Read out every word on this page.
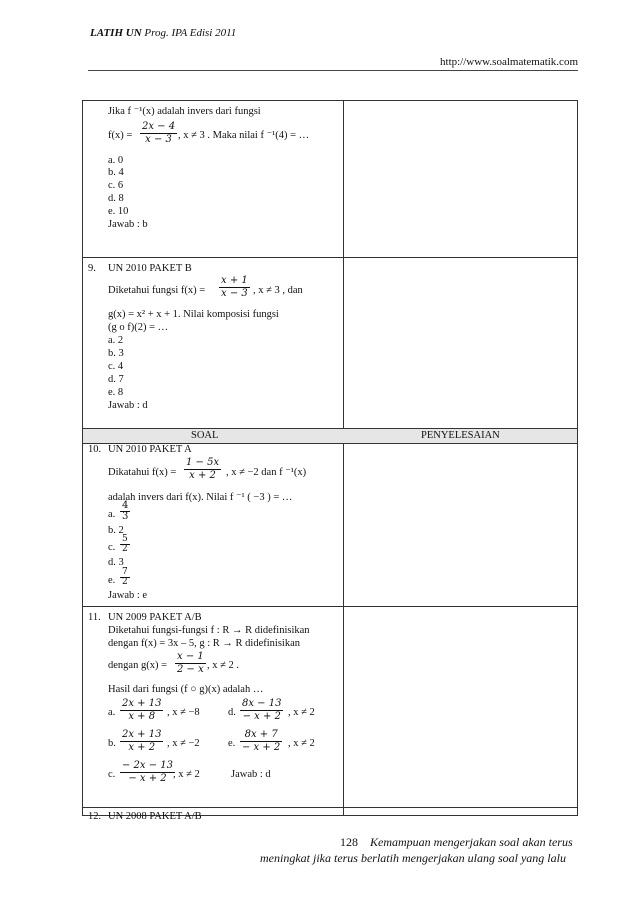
LATIH UN Prog. IPA Edisi 2011
http://www.soalmatematik.com
SOAL	PENYELESAIAN
Jika f ⁻¹(x) adalah invers dari fungsi
$f(x) = \frac{2x - 4}{x - 3}$ , x ≠ 3 . Maka nilai f ⁻¹(4) = …
a. 0
b. 4
c. 6
d. 8
e. 10
Jawab : b
9. UN 2010 PAKET B
Diketahui fungsi $f(x) = \frac{x + 1}{x - 3}$ , x ≠ 3 , dan
g(x) = x² + x + 1. Nilai komposisi fungsi
(g o f)(2) = …
a. 2
b. 3
c. 4
d. 7
e. 8
Jawab : d
10. UN 2010 PAKET A
Dikatahui $f(x) = \frac{1 - 5x}{x + 2}$ , x ≠ −2 dan f ⁻¹(x)
adalah invers dari f(x). Nilai f ⁻¹ ( −3 ) = …
a. $\frac{4}{3}$
b. 2
c. $\frac{5}{2}$
d. 3
e. $\frac{7}{2}$
Jawab : e
11. UN 2009 PAKET A/B
Diketahui fungsi-fungsi f : R → R didefinisikan
dengan f(x) = 3x – 5, g : R → R didefinisikan
dengan $g(x) = \frac{x - 1}{2 - x}$ , x ≠ 2 .
Hasil dari fungsi (f ○ g)(x) adalah …
a. $\frac{2x + 13}{x + 8}$ , x ≠ −8	d. $\frac{8x - 13}{- x + 2}$ , x ≠ 2
b. $\frac{2x + 13}{x + 2}$ , x ≠ −2	e. $\frac{8x + 7}{- x + 2}$ , x ≠ 2
c. $\frac{- 2x - 13}{- x + 2}$
, x ≠ 2	Jawab : d
12. UN 2008 PAKET A/B
128 Kemampuan mengerjakan soal akan terus
meningkat jika terus berlatih mengerjakan ulang soal yang lalu
